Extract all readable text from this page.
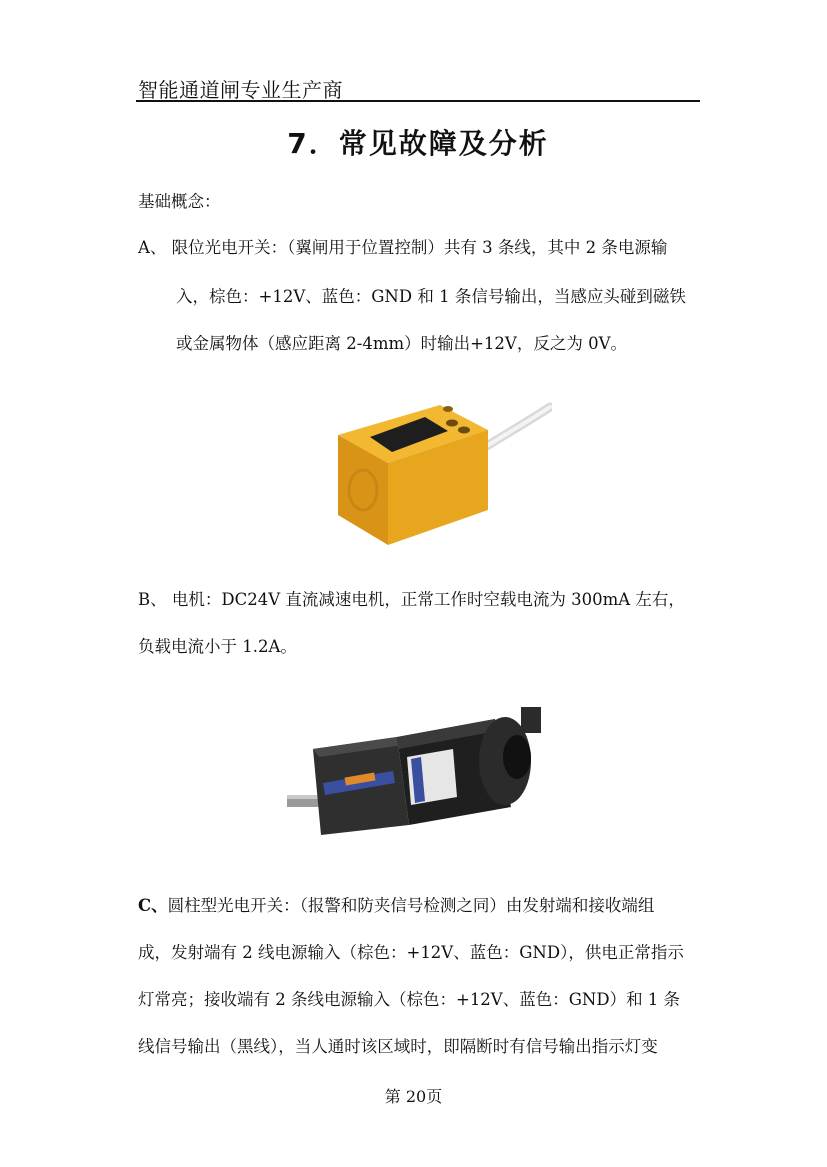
智能通道闸专业生产商
7．常见故障及分析
基础概念：
A、 限位光电开关：（翼闸用于位置控制）共有 3 条线，其中 2 条电源输
入，棕色：+12V、蓝色：GND 和 1 条信号输出，当感应头碰到磁铁
或金属物体（感应距离 2-4mm）时输出+12V，反之为 0V。
B、 电机：DC24V 直流减速电机，正常工作时空载电流为 300mA 左右，
负载电流小于 1.2A。
C、圆柱型光电开关：（报警和防夹信号检测之同）由发射端和接收端组
成，发射端有 2 线电源输入（棕色：+12V、蓝色：GND），供电正常指示
灯常亮；接收端有 2 条线电源输入（棕色：+12V、蓝色：GND）和 1 条
线信号输出（黑线），当人通时该区域时，即隔断时有信号输出指示灯变
第 20页
